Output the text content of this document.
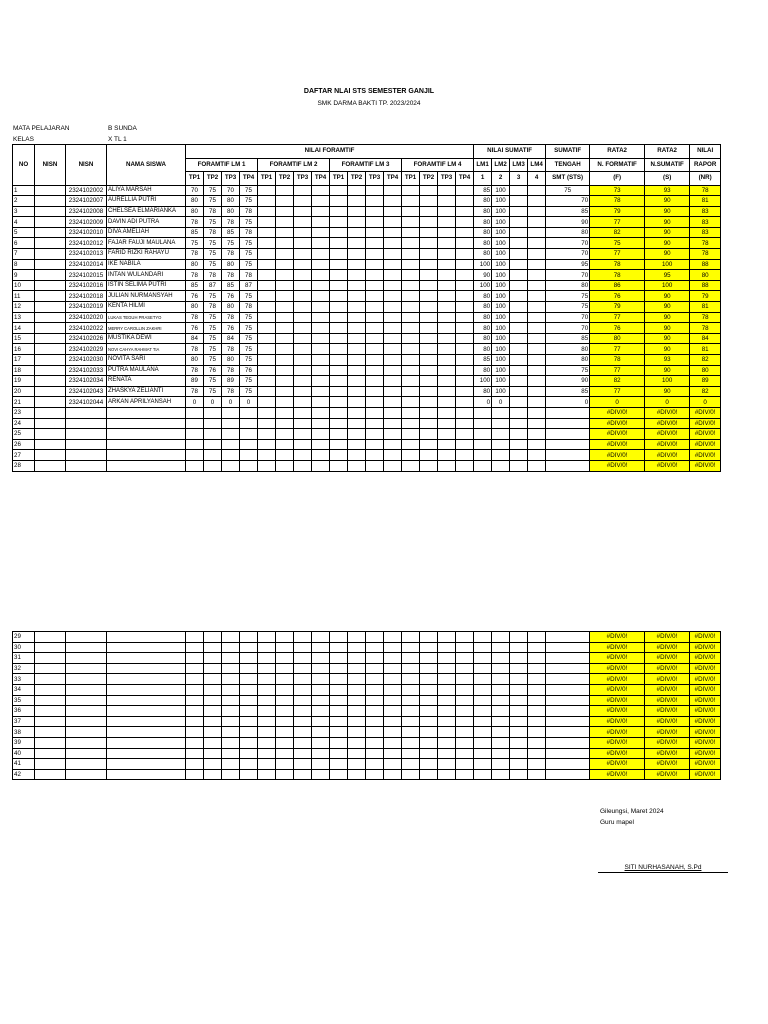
DAFTAR NLAI STS SEMESTER GANJIL
SMK DARMA BAKTI TP. 2023/2024
MATA PELAJARAN	B SUNDA
KELAS	X TL 1
NO	NISN	NISN	NAMA SISWA	NILAI FORAMTIF																NILAI SUMATIF				SUMATIF	RATA2	RATA2	NILAI
				FORAMTIF LM 1				FORAMTIF LM 2				FORAMTIF LM 3				FORAMTIF LM 4				LM1	LM2	LM3	LM4	TENGAH	N. FORMATIF	N.SUMATIF	RAPOR
				TP1	TP2	TP3	TP4	TP1	TP2	TP3	TP4	TP1	TP2	TP3	TP4	TP1	TP2	TP3	TP4	1	2	3	4	SMT (STS)	(F)	(S)	(NR)
1		2324102002	ALIYA MARSAH	70	75	70	75													85	100			75	73	93	78
2		2324102007	AURELLIA PUTRI	80	75	80	75													80	100			70	78	90	81
3		2324102008	CHELSEA ELMARIANKA	80	78	80	78													80	100			85	79	90	83
4		2324102009	DAVIN ADI PUTRA	78	75	78	75													80	100			90	77	90	83
5		2324102010	DIVA AMELIAH	85	78	85	78													80	100			80	82	90	83
6		2324102012	FAJAR FAUJI MAULANA	75	75	75	75													80	100			70	75	90	78
7		2324102013	FARID RIZKI RAHAYU	78	75	78	75													80	100			70	77	90	78
8		2324102014	IKE NABILA	80	75	80	75													100	100			95	78	100	88
9		2324102015	INTAN WULANDARI	78	78	78	78													90	100			70	78	95	80
10		2324102016	ISTIN SELIMA PUTRI	85	87	85	87													100	100			80	86	100	88
11		2324102018	JULIAN NURMANSYAH	76	75	76	75													80	100			75	76	90	79
12		2324102019	KENTA HILMI	80	78	80	78													80	100			75	79	90	81
13		2324102020	LUKAS TEGUH PRASETYO	78	75	78	75													80	100			70	77	90	78
14		2324102022	MERRY CAROLLIN ZAKHRI	76	75	76	75													80	100			70	76	90	78
15		2324102026	MUSTIKA DEWI	84	75	84	75													80	100			85	80	90	84
16		2324102029	NOVI CAHYA RAHMAT TIA	78	75	78	75													80	100			80	77	90	81
17		2324102030	NOVITA SARI	80	75	80	75													85	100			80	78	93	82
18		2324102033	PUTRA MAULANA	78	76	78	76													80	100			75	77	90	80
19		2324102034	RENATA	89	75	89	75													100	100			90	82	100	89
20		2324102043	ZHASKYA ZELIANTI	78	75	78	75													80	100			85	77	90	82
21		2324102044	ARKAN APRILYANSAH	0	0	0	0													0	0			0	0	0	0
23																									#DIV/0!	#DIV/0!	#DIV/0!
24																									#DIV/0!	#DIV/0!	#DIV/0!
25																									#DIV/0!	#DIV/0!	#DIV/0!
26																									#DIV/0!	#DIV/0!	#DIV/0!
27																									#DIV/0!	#DIV/0!	#DIV/0!
28																									#DIV/0!	#DIV/0!	#DIV/0!
29																									#DIV/0!	#DIV/0!	#DIV/0!
30																									#DIV/0!	#DIV/0!	#DIV/0!
31																									#DIV/0!	#DIV/0!	#DIV/0!
32																									#DIV/0!	#DIV/0!	#DIV/0!
33																									#DIV/0!	#DIV/0!	#DIV/0!
34																									#DIV/0!	#DIV/0!	#DIV/0!
35																									#DIV/0!	#DIV/0!	#DIV/0!
36																									#DIV/0!	#DIV/0!	#DIV/0!
37																									#DIV/0!	#DIV/0!	#DIV/0!
38																									#DIV/0!	#DIV/0!	#DIV/0!
39																									#DIV/0!	#DIV/0!	#DIV/0!
40																									#DIV/0!	#DIV/0!	#DIV/0!
41																									#DIV/0!	#DIV/0!	#DIV/0!
42																									#DIV/0!	#DIV/0!	#DIV/0!
Gileungsi, Maret 2024
Guru mapel
SITI NURHASANAH, S.Pd
